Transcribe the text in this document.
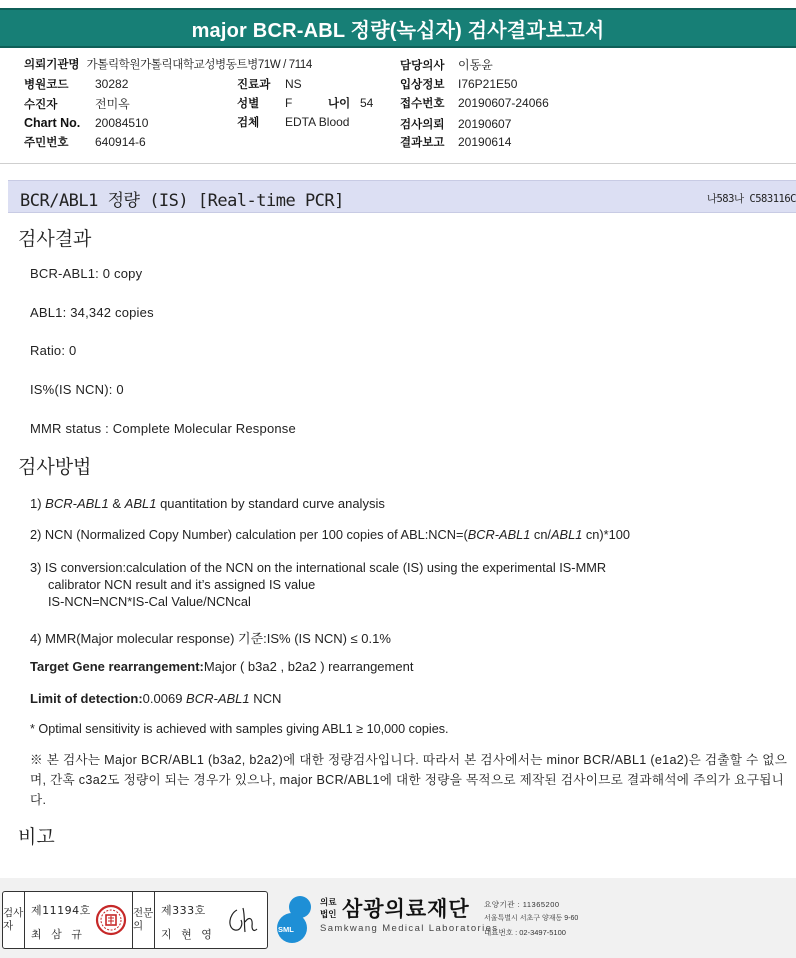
major BCR-ABL 정량(녹십자) 검사결과보고서
의뢰기관명 가톨릭학원가톨릭대학교성병동트병71W / 7114
병원코드	30282
수진자	전미옥
Chart No.	20084510
주민번호	640914-6
진료과	NS
성별	F	나이 54
검체	EDTA Blood
담당의사	이동윤
입상정보	I76P21E50
접수번호	20190607-24066
검사의뢰	20190607
결과보고	20190614
BCR/ABL1 정량 (IS) [Real-time PCR]	나583나 C583116C
검사결과
BCR-ABL1: 0 copy
ABL1: 34,342 copies
Ratio: 0
IS%(IS NCN): 0
MMR status : Complete Molecular Response
검사방법
1) BCR-ABL1 & ABL1 quantitation by standard curve analysis
2) NCN (Normalized Copy Number) calculation per 100 copies of ABL:NCN=(BCR-ABL1 cn/ABL1 cn)*100
3) IS conversion:calculation of the NCN on the international scale (IS) using the experimental IS-MMR
calibrator NCN result and it’s assigned IS value
IS-NCN=NCN*IS-Cal Value/NCNcal
4) MMR(Major molecular response) 기준:IS% (IS NCN) ≤ 0.1%
Target Gene rearrangement:Major ( b3a2 , b2a2 ) rearrangement
Limit of detection:0.0069 BCR-ABL1 NCN
* Optimal sensitivity is achieved with samples giving ABL1 ≥ 10,000 copies.
※ 본 검사는 Major BCR/ABL1 (b3a2, b2a2)에 대한 정량검사입니다. 따라서 본 검사에서는 minor BCR/ABL1 (e1a2)은 검출할 수 없으며, 간혹 c3a2도 정량이 되는 경우가 있으나, major BCR/ABL1에 대한 정량을 목적으로 제작된 검사이므로 결과해석에 주의가 요구됩니다.
비고
검사자
제11194호
최 삼 규
전문의
제333호
지 현 영	SML
의료
법인 삼광의료재단
Samkwang Medical Laboratories
요양기관 : 11365200
서울특별시 서초구 양재동 9-60
대표번호 : 02-3497-5100
